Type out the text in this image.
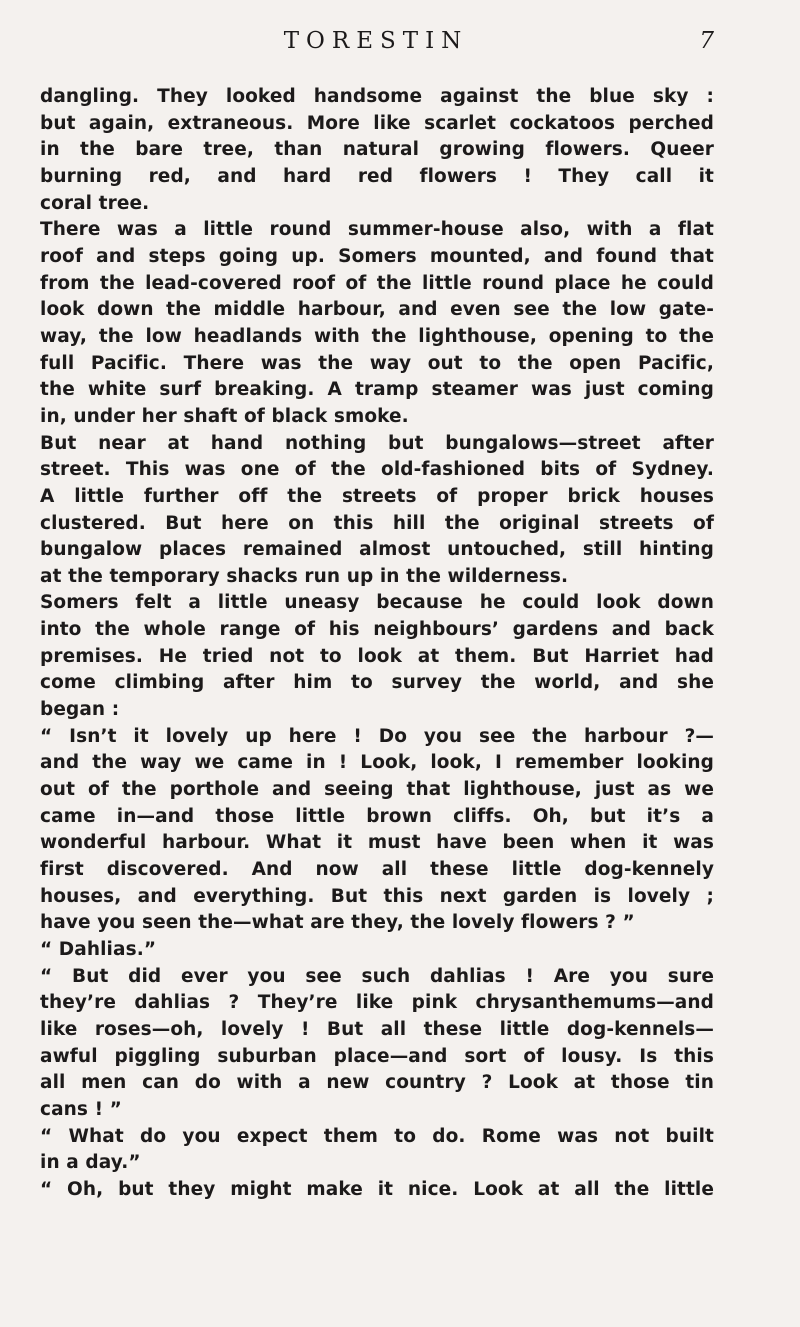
TORESTIN	7
dangling. They looked handsome against the blue sky :
but again, extraneous. More like scarlet cockatoos perched
in the bare tree, than natural growing flowers. Queer
burning red, and hard red flowers ! They call it
coral tree.
There was a little round summer-house also, with a flat
roof and steps going up. Somers mounted, and found that
from the lead-covered roof of the little round place he could
look down the middle harbour, and even see the low gate-
way, the low headlands with the lighthouse, opening to the
full Pacific. There was the way out to the open Pacific,
the white surf breaking. A tramp steamer was just coming
in, under her shaft of black smoke.
But near at hand nothing but bungalows—street after
street. This was one of the old-fashioned bits of Sydney.
A little further off the streets of proper brick houses
clustered. But here on this hill the original streets of
bungalow places remained almost untouched, still hinting
at the temporary shacks run up in the wilderness.
Somers felt a little uneasy because he could look down
into the whole range of his neighbours’ gardens and back
premises. He tried not to look at them. But Harriet had
come climbing after him to survey the world, and she
began :
“ Isn’t it lovely up here ! Do you see the harbour ?—
and the way we came in ! Look, look, I remember looking
out of the porthole and seeing that lighthouse, just as we
came in—and those little brown cliffs. Oh, but it’s a
wonderful harbour. What it must have been when it was
first discovered. And now all these little dog-kennely
houses, and everything. But this next garden is lovely ;
have you seen the—what are they, the lovely flowers ? ”
“ Dahlias.”
“ But did ever you see such dahlias ! Are you sure
they’re dahlias ? They’re like pink chrysanthemums—and
like roses—oh, lovely ! But all these little dog-kennels—
awful piggling suburban place—and sort of lousy. Is this
all men can do with a new country ? Look at those tin
cans ! ”
“ What do you expect them to do. Rome was not built
in a day.”
“ Oh, but they might make it nice. Look at all the little
